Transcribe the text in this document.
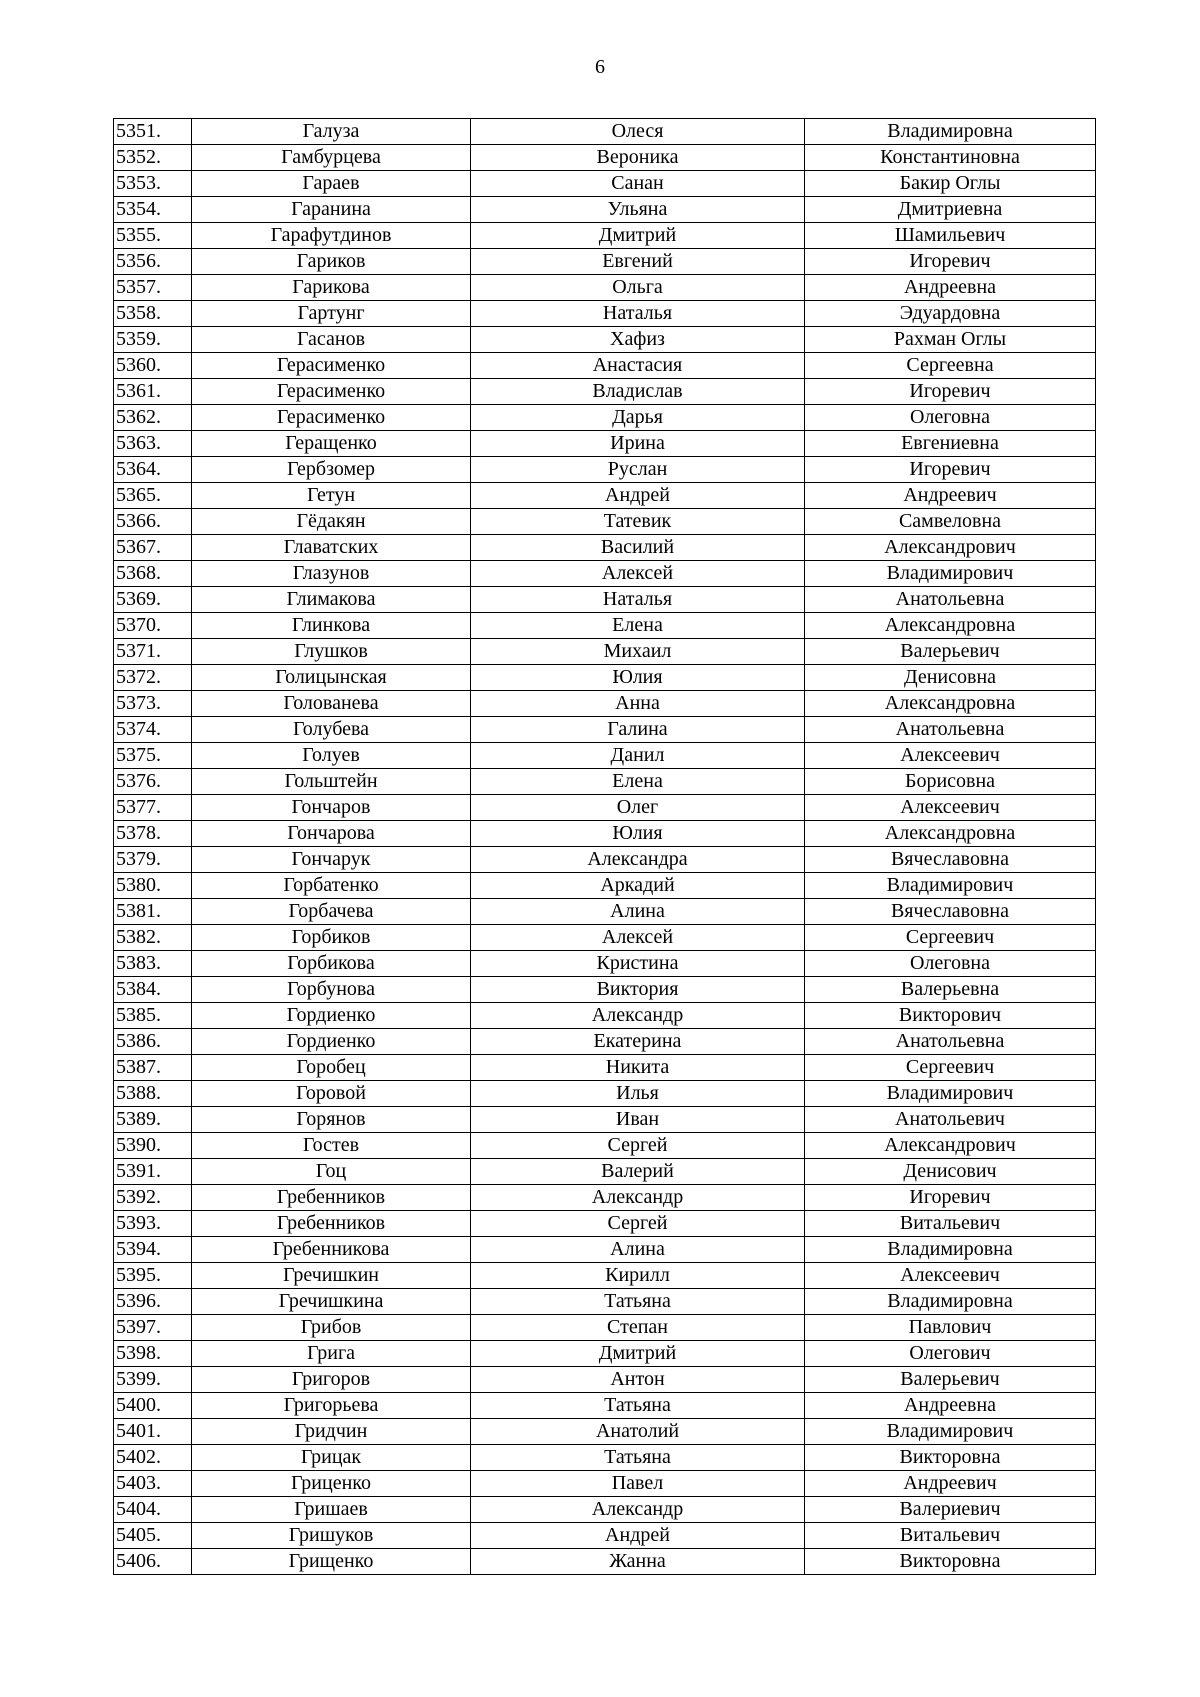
6
5351.	Галуза	Олеся	Владимировна
5352.	Гамбурцева	Вероника	Константиновна
5353.	Гараев	Санан	Бакир Оглы
5354.	Гаранина	Ульяна	Дмитриевна
5355.	Гарафутдинов	Дмитрий	Шамильевич
5356.	Гариков	Евгений	Игоревич
5357.	Гарикова	Ольга	Андреевна
5358.	Гартунг	Наталья	Эдуардовна
5359.	Гасанов	Хафиз	Рахман Оглы
5360.	Герасименко	Анастасия	Сергеевна
5361.	Герасименко	Владислав	Игоревич
5362.	Герасименко	Дарья	Олеговна
5363.	Геращенко	Ирина	Евгениевна
5364.	Гербзомер	Руслан	Игоревич
5365.	Гетун	Андрей	Андреевич
5366.	Гёдакян	Татевик	Самвеловна
5367.	Главатских	Василий	Александрович
5368.	Глазунов	Алексей	Владимирович
5369.	Глимакова	Наталья	Анатольевна
5370.	Глинкова	Елена	Александровна
5371.	Глушков	Михаил	Валерьевич
5372.	Голицынская	Юлия	Денисовна
5373.	Голованева	Анна	Александровна
5374.	Голубева	Галина	Анатольевна
5375.	Голуев	Данил	Алексеевич
5376.	Гольштейн	Елена	Борисовна
5377.	Гончаров	Олег	Алексеевич
5378.	Гончарова	Юлия	Александровна
5379.	Гончарук	Александра	Вячеславовна
5380.	Горбатенко	Аркадий	Владимирович
5381.	Горбачева	Алина	Вячеславовна
5382.	Горбиков	Алексей	Сергеевич
5383.	Горбикова	Кристина	Олеговна
5384.	Горбунова	Виктория	Валерьевна
5385.	Гордиенко	Александр	Викторович
5386.	Гордиенко	Екатерина	Анатольевна
5387.	Горобец	Никита	Сергеевич
5388.	Горовой	Илья	Владимирович
5389.	Горянов	Иван	Анатольевич
5390.	Гостев	Сергей	Александрович
5391.	Гоц	Валерий	Денисович
5392.	Гребенников	Александр	Игоревич
5393.	Гребенников	Сергей	Витальевич
5394.	Гребенникова	Алина	Владимировна
5395.	Гречишкин	Кирилл	Алексеевич
5396.	Гречишкина	Татьяна	Владимировна
5397.	Грибов	Степан	Павлович
5398.	Грига	Дмитрий	Олегович
5399.	Григоров	Антон	Валерьевич
5400.	Григорьева	Татьяна	Андреевна
5401.	Гридчин	Анатолий	Владимирович
5402.	Грицак	Татьяна	Викторовна
5403.	Гриценко	Павел	Андреевич
5404.	Гришаев	Александр	Валериевич
5405.	Гришуков	Андрей	Витальевич
5406.	Грищенко	Жанна	Викторовна
